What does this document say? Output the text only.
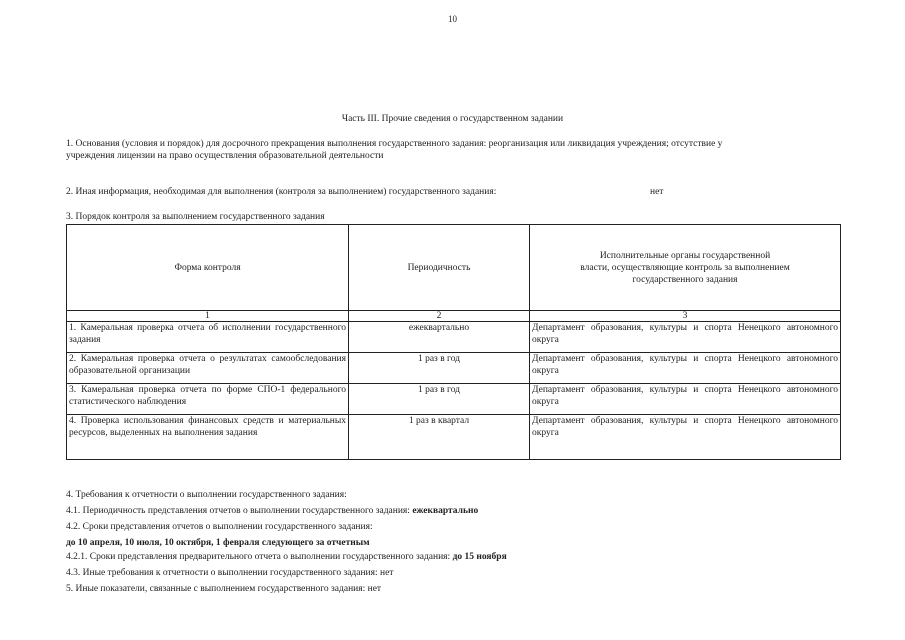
10
Часть III. Прочие сведения о государственном задании
1. Основания (условия и порядок) для досрочного прекращения выполнения государственного задания: реорганизация или ликвидация учреждения; отсутствие у
учреждения лицензии на право осуществления образовательной деятельности
2. Иная информация, необходимая для выполнения (контроля за выполнением) государственного задания:	нет
3. Порядок контроля за выполнением государственного задания
Форма контроля	Периодичность	Исполнительные органы государственной
власти, осуществляющие контроль за выполнением
государственного задания

1	2	3

1. Камеральная проверка отчета об исполнении государственного задания	ежеквартально	Департамент образования, культуры и спорта Ненецкого автономного округа

2. Камеральная проверка отчета о результатах самообследования образовательной организации	1 раз в год	Департамент образования, культуры и спорта Ненецкого автономного округа

3. Камеральная проверка отчета по форме СПО-1 федерального статистического наблюдения	1 раз в год	Департамент образования, культуры и спорта Ненецкого автономного округа

4. Проверка использования финансовых средств и материальных ресурсов, выделенных на выполнения задания	1 раз в квартал	Департамент образования, культуры и спорта Ненецкого автономного округа
4. Требования к отчетности о выполнении государственного задания:
4.1. Периодичность представления отчетов о выполнении государственного задания: ежеквартально
4.2. Сроки представления отчетов о выполнении государственного задания:
до 10 апреля, 10 июля, 10 октября, 1 февраля следующего за отчетным
4.2.1. Сроки представления предварительного отчета о выполнении государственного задания: до 15 ноября
4.3. Иные требования к отчетности о выполнении государственного задания: нет
5. Иные показатели, связанные с выполнением государственного задания: нет
